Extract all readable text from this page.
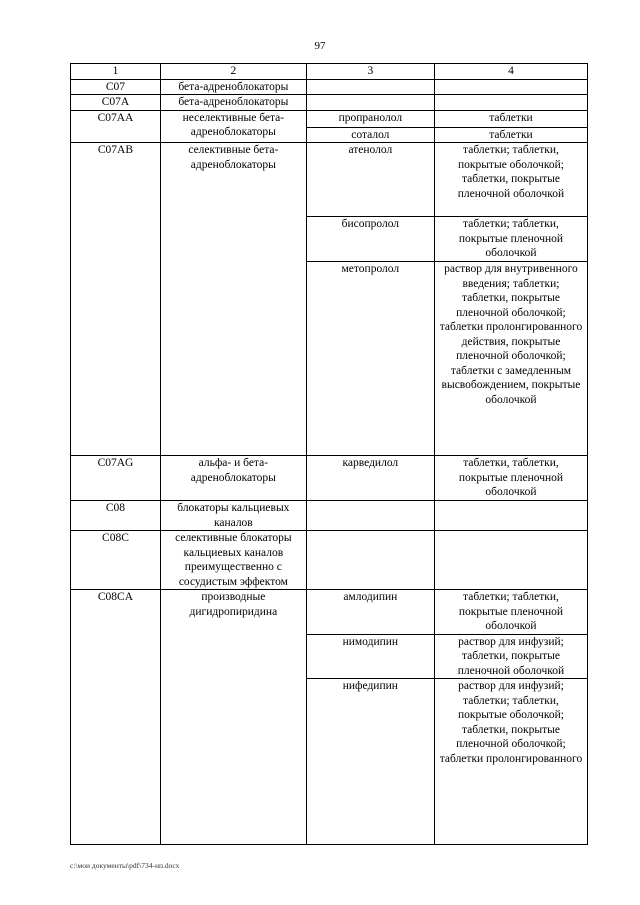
97
1	2	3	4
C07	бета-адреноблокаторы		
C07A	бета-адреноблокаторы		
C07AA	неселективные бета-адреноблокаторы	пропранолол	таблетки
		соталол	таблетки
C07AB	селективные бета-адреноблокаторы	атенолол	таблетки; таблетки, покрытые оболочкой; таблетки, покрытые пленочной оболочкой
		бисопролол	таблетки; таблетки, покрытые пленочной оболочкой
		метопролол	раствор для внутривенного введения; таблетки; таблетки, покрытые пленочной оболочкой; таблетки пролонгированного действия, покрытые пленочной оболочкой; таблетки с замедленным высвобождением, покрытые оболочкой
C07AG	альфа- и бета-адреноблокаторы	карведилол	таблетки, таблетки, покрытые пленочной оболочкой
C08	блокаторы кальциевых каналов		
C08C	селективные блокаторы кальциевых каналов преимущественно с сосудистым эффектом		
C08CA	производные дигидропиридина	амлодипин	таблетки; таблетки, покрытые пленочной оболочкой
		нимодипин	раствор для инфузий; таблетки, покрытые пленочной оболочкой
		нифедипин	раствор для инфузий; таблетки; таблетки, покрытые оболочкой; таблетки, покрытые пленочной оболочкой; таблетки пролонгированного
c:\мои документы\pdf\734-нп.docx
